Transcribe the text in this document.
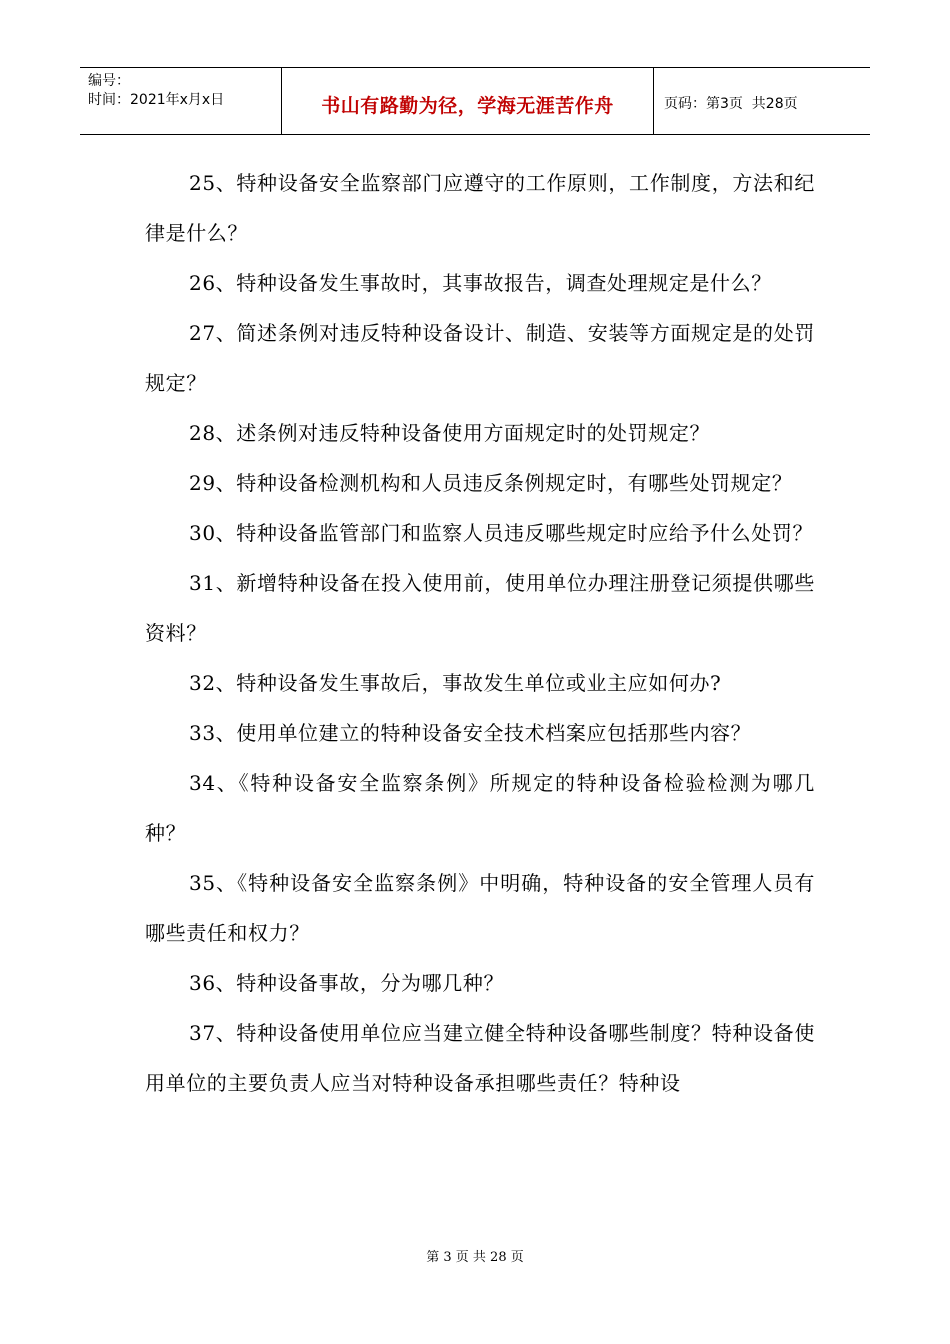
编号：
时间：2021年x月x日	书山有路勤为径，学海无涯苦作舟	页码：第3页  共28页

25、特种设备安全监察部门应遵守的工作原则，工作制度，方法和纪律是什么？

26、特种设备发生事故时，其事故报告，调查处理规定是什么？

27、简述条例对违反特种设备设计、制造、安装等方面规定是的处罚规定？

28、述条例对违反特种设备使用方面规定时的处罚规定？

29、特种设备检测机构和人员违反条例规定时，有哪些处罚规定？

30、特种设备监管部门和监察人员违反哪些规定时应给予什么处罚？

31、新增特种设备在投入使用前，使用单位办理注册登记须提供哪些资料？

32、特种设备发生事故后，事故发生单位或业主应如何办?

33、使用单位建立的特种设备安全技术档案应包括那些内容？

34、《特种设备安全监察条例》所规定的特种设备检验检测为哪几种？

35、《特种设备安全监察条例》中明确，特种设备的安全管理人员有哪些责任和权力？

36、特种设备事故，分为哪几种？

37、特种设备使用单位应当建立健全特种设备哪些制度？特种设备使用单位的主要负责人应当对特种设备承担哪些责任？特种设

第 3 页 共 28 页
